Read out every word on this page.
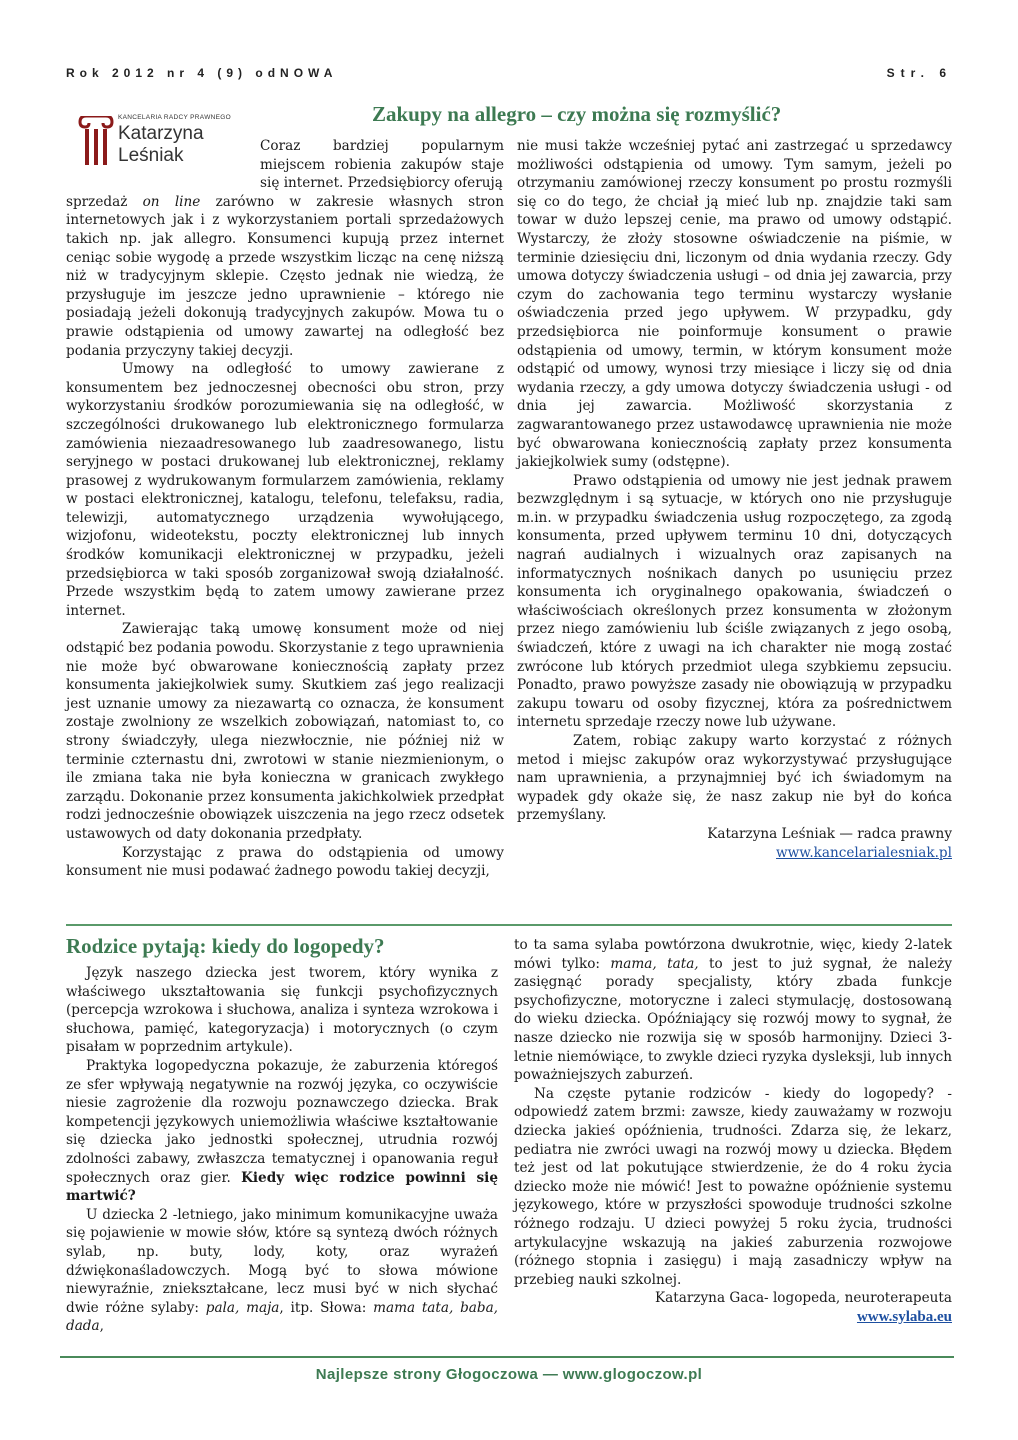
Rok 2012 nr 4 (9) odNOWA	Str. 6
Zakupy na allegro – czy można się rozmyślić?
KANCELARIA RADCY PRAWNEGO
Katarzyna
Leśniak	Coraz bardziej popularnym miejscem robienia zakupów staje się internet. Przedsiębiorcy oferują

sprzedaż on line zarówno w zakresie własnych stron internetowych jak i z wykorzystaniem portali sprzedażowych takich np. jak allegro. Konsumenci kupują przez internet ceniąc sobie wygodę a przede wszystkim licząc na cenę niższą niż w tradycyjnym sklepie. Często jednak nie wiedzą, że przysługuje im jeszcze jedno uprawnienie – którego nie posiadają jeżeli dokonują tradycyjnych zakupów. Mowa tu o prawie odstąpienia od umowy zawartej na odległość bez podania przyczyny takiej decyzji.

Umowy na odległość to umowy zawierane z konsumentem bez jednoczesnej obecności obu stron, przy wykorzystaniu środków porozumiewania się na odległość, w szczególności drukowanego lub elektronicznego formularza zamówienia niezaadresowanego lub zaadresowanego, listu seryjnego w postaci drukowanej lub elektronicznej, reklamy prasowej z wydrukowanym formularzem zamówienia, reklamy w postaci elektronicznej, katalogu, telefonu, telefaksu, radia, telewizji, automatycznego urządzenia wywołującego, wizjofonu, wideotekstu, poczty elektronicznej lub innych środków komunikacji elektronicznej w przypadku, jeżeli przedsiębiorca w taki sposób zorganizował swoją działalność. Przede wszystkim będą to zatem umowy zawierane przez internet.

Zawierając taką umowę konsument może od niej odstąpić bez podania powodu. Skorzystanie z tego uprawnienia nie może być obwarowane koniecznością zapłaty przez konsumenta jakiejkolwiek sumy. Skutkiem zaś jego realizacji jest uznanie umowy za niezawartą co oznacza, że konsument zostaje zwolniony ze wszelkich zobowiązań, natomiast to, co strony świadczyły, ulega niezwłocznie, nie później niż w terminie czternastu dni, zwrotowi w stanie niezmienionym, o ile zmiana taka nie była konieczna w granicach zwykłego zarządu. Dokonanie przez konsumenta jakichkolwiek przedpłat rodzi jednocześnie obowiązek uiszczenia na jego rzecz odsetek ustawowych od daty dokonania przedpłaty.

Korzystając z prawa do odstąpienia od umowy konsument nie musi podawać żadnego powodu takiej decyzji,

nie musi także wcześniej pytać ani zastrzegać u sprzedawcy możliwości odstąpienia od umowy. Tym samym, jeżeli po otrzymaniu zamówionej rzeczy konsument po prostu rozmyśli się co do tego, że chciał ją mieć lub np. znajdzie taki sam towar w dużo lepszej cenie, ma prawo od umowy odstąpić. Wystarczy, że złoży stosowne oświadczenie na piśmie, w terminie dziesięciu dni, liczonym od dnia wydania rzeczy. Gdy umowa dotyczy świadczenia usługi – od dnia jej zawarcia, przy czym do zachowania tego terminu wystarczy wysłanie oświadczenia przed jego upływem. W przypadku, gdy przedsiębiorca nie poinformuje konsument o prawie odstąpienia od umowy, termin, w którym konsument może odstąpić od umowy, wynosi trzy miesiące i liczy się od dnia wydania rzeczy, a gdy umowa dotyczy świadczenia usługi - od dnia jej zawarcia. Możliwość skorzystania z zagwarantowanego przez ustawodawcę uprawnienia nie może być obwarowana koniecznością zapłaty przez konsumenta jakiejkolwiek sumy (odstępne).

Prawo odstąpienia od umowy nie jest jednak prawem bezwzględnym i są sytuacje, w których ono nie przysługuje m.in. w przypadku świadczenia usług rozpoczętego, za zgodą konsumenta, przed upływem terminu 10 dni, dotyczących nagrań audialnych i wizualnych oraz zapisanych na informatycznych nośnikach danych po usunięciu przez konsumenta ich oryginalnego opakowania, świadczeń o właściwościach określonych przez konsumenta w złożonym przez niego zamówieniu lub ściśle związanych z jego osobą, świadczeń, które z uwagi na ich charakter nie mogą zostać zwrócone lub których przedmiot ulega szybkiemu zepsuciu. Ponadto, prawo powyższe zasady nie obowiązują w przypadku zakupu towaru od osoby fizycznej, która za pośrednictwem internetu sprzedaje rzeczy nowe lub używane.

Zatem, robiąc zakupy warto korzystać z różnych metod i miejsc zakupów oraz wykorzystywać przysługujące nam uprawnienia, a przynajmniej być ich świadomym na wypadek gdy okaże się, że nasz zakup nie był do końca przemyślany.

Katarzyna Leśniak — radca prawny

www.kancelarialesniak.pl

Rodzice pytają: kiedy do logopedy?

Język naszego dziecka jest tworem, który wynika z właściwego ukształtowania się funkcji psychofizycznych (percepcja wzrokowa i słuchowa, analiza i synteza wzrokowa i słuchowa, pamięć, kategoryzacja) i motorycznych (o czym pisałam w poprzednim artykule).

Praktyka logopedyczna pokazuje, że zaburzenia któregoś ze sfer wpływają negatywnie na rozwój języka, co oczywiście niesie zagrożenie dla rozwoju poznawczego dziecka. Brak kompetencji językowych uniemożliwia właściwe kształtowanie się dziecka jako jednostki społecznej, utrudnia rozwój zdolności zabawy, zwłaszcza tematycznej i opanowania reguł społecznych oraz gier. Kiedy więc rodzice powinni się martwić?

U dziecka 2 -letniego, jako minimum komunikacyjne uważa się pojawienie w mowie słów, które są syntezą dwóch różnych sylab, np. buty, lody, koty, oraz wyrażeń dźwiękonaśladowczych. Mogą być to słowa mówione niewyraźnie, zniekształcane, lecz musi być w nich słychać dwie różne sylaby: pala, maja, itp. Słowa: mama tata, baba, dada,

to ta sama sylaba powtórzona dwukrotnie, więc, kiedy 2-latek mówi tylko: mama, tata, to jest to już sygnał, że należy zasięgnąć porady specjalisty, który zbada funkcje psychofizyczne, motoryczne i zaleci stymulację, dostosowaną do wieku dziecka. Opóźniający się rozwój mowy to sygnał, że nasze dziecko nie rozwija się w sposób harmonijny. Dzieci 3-letnie niemówiące, to zwykle dzieci ryzyka dysleksji, lub innych poważniejszych zaburzeń.

Na częste pytanie rodziców - kiedy do logopedy? - odpowiedź zatem brzmi: zawsze, kiedy zauważamy w rozwoju dziecka jakieś opóźnienia, trudności. Zdarza się, że lekarz, pediatra nie zwróci uwagi na rozwój mowy u dziecka. Błędem też jest od lat pokutujące stwierdzenie, że do 4 roku życia dziecko może nie mówić! Jest to poważne opóźnienie systemu językowego, które w przyszłości spowoduje trudności szkolne różnego rodzaju. U dzieci powyżej 5 roku życia, trudności artykulacyjne wskazują na jakieś zaburzenia rozwojowe (różnego stopnia i zasięgu) i mają zasadniczy wpływ na przebieg nauki szkolnej.

Katarzyna Gaca- logopeda, neuroterapeuta

www.sylaba.eu

Najlepsze strony Głogoczowa — www.glogoczow.pl
